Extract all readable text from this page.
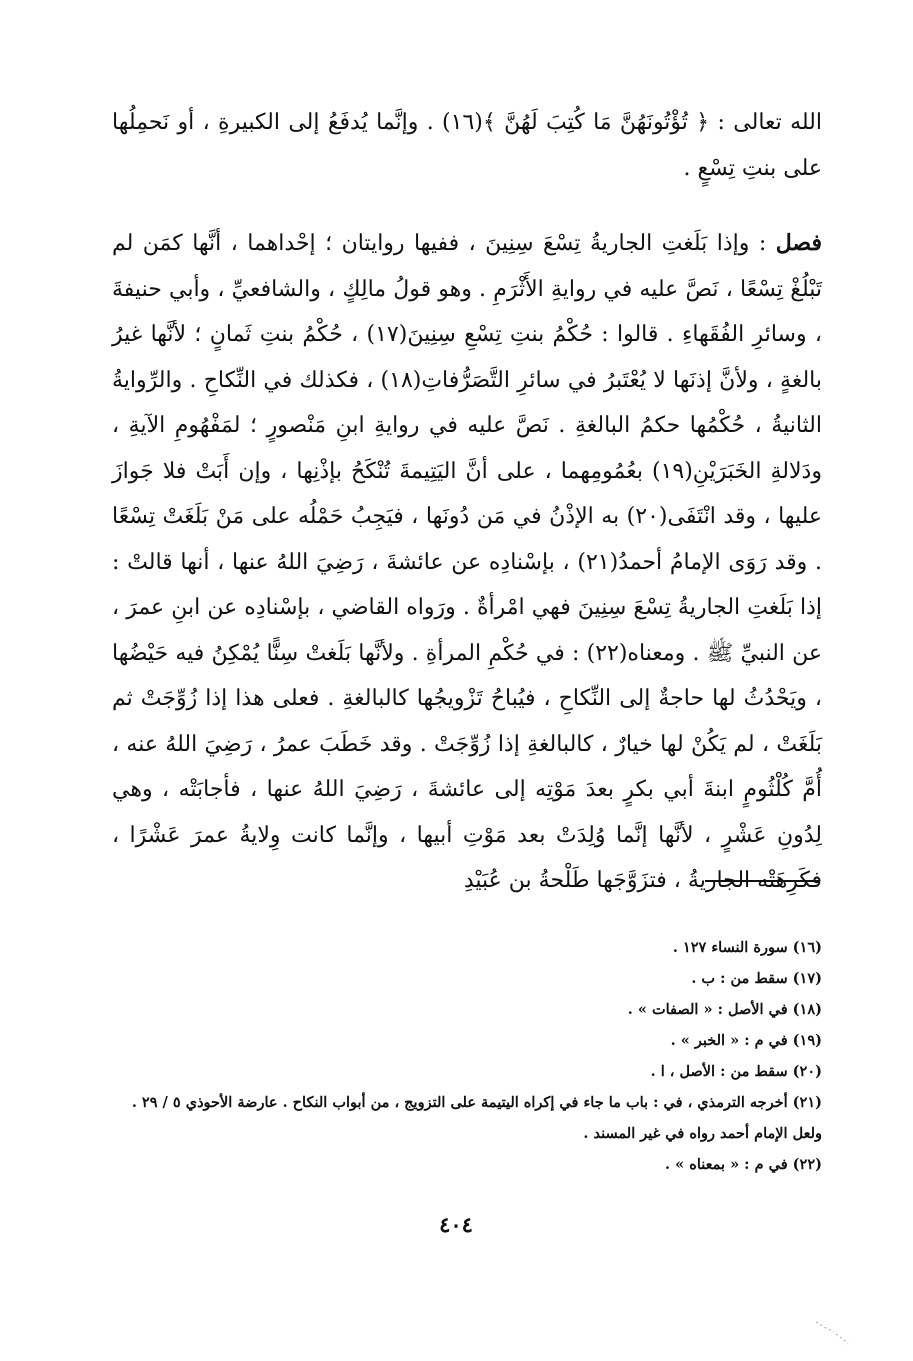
الله تعالى : ﴿ تُؤْتُونَهُنَّ مَا كُتِبَ لَهُنَّ ﴾(١٦) . وإنَّما يُدفَعُ إلى الكبيرةِ ، أو نَحمِلُها على بنتِ تِسْعٍ .

فصل : وإذا بَلَغتِ الجاريةُ تِسْعَ سِنِينَ ، ففيها روايتان ؛ إحْداهما ، أنَّها كمَن لم تَبْلُغْ تِسْعًا ، نَصَّ عليه في روايةِ الأَثْرَمِ . وهو قولُ مالِكٍ ، والشافعيِّ ، وأبي حنيفةَ ، وسائرِ الفُقَهاءِ . قالوا : حُكْمُ بنتِ تِسْعِ سِنِينَ(١٧) ، حُكْمُ بنتِ ثَمانٍ ؛ لأنَّها غيرُ بالغةٍ ، ولأنَّ إذنَها لا يُعْتَبرُ في سائرِ التَّصَرُّفاتِ(١٨) ، فكذلك في النِّكاحِ . والرِّوايةُ الثانيةُ ، حُكْمُها حكمُ البالغةِ . نَصَّ عليه في روايةِ ابنِ مَنْصورٍ ؛ لمَفْهُومِ الآيةِ ، ودَلالةِ الخَبَرَيْنِ(١٩) بعُمُومِهما ، على أنَّ اليَتِيمةَ تُنْكَحُ بإذْنِها ، وإن أَبَتْ فلا جَوازَ عليها ، وقد انْتَفَى(٢٠) به الإذْنُ في مَن دُونَها ، فيَجِبُ حَمْلُه على مَنْ بَلَغَتْ تِسْعًا . وقد رَوَى الإمامُ أحمدُ(٢١) ، بإسْنادِه عن عائشةَ ، رَضِيَ اللهُ عنها ، أنها قالتْ : إذا بَلَغتِ الجاريةُ تِسْعَ سِنِينَ فهي امْرأةٌ . ورَواه القاضي ، بإسْنادِه عن ابنِ عمرَ ، عن النبيِّ ﷺ . ومعناه(٢٢) : في حُكْمِ المرأةِ . ولأنَّها بَلَغتْ سِنًّا يُمْكِنُ فيه حَيْضُها ، ويَحْدُثُ لها حاجةٌ إلى النِّكاحِ ، فيُباحُ تَزْويجُها كالبالغةِ . فعلى هذا إذا زُوِّجَتْ ثم بَلَغَتْ ، لم يَكُنْ لها خيارٌ ، كالبالغةِ إذا زُوِّجَتْ . وقد خَطَبَ عمرُ ، رَضِيَ اللهُ عنه ، أُمَّ كُلْثُومٍ ابنةَ أبي بكرٍ بعدَ مَوْتِه إلى عائشةَ ، رَضِيَ اللهُ عنها ، فأجابَتْه ، وهي لِدُونِ عَشْرٍ ، لأنَّها إنَّما وُلِدَتْ بعد مَوْتِ أبيها ، وإنَّما كانت وِلايةُ عمرَ عَشْرًا ، فكَرِهَتْه الجاريةُ ، فتزَوَّجَها طَلْحةُ بن عُبَيْدِ

(١٦) سورة النساء ١٢٧ .

(١٧) سقط من : ب .

(١٨) في الأصل : « الصفات » .

(١٩) في م : « الخبر » .

(٢٠) سقط من : الأصل ، ا .

(٢١) أخرجه الترمذي ، في : باب ما جاء في إكراه اليتيمة على التزويج ، من أبواب النكاح . عارضة الأحوذي ٥ / ٢٩ . ولعل الإمام أحمد رواه في غير المسند .

(٢٢) في م : « بمعناه » .

٤٠٤
